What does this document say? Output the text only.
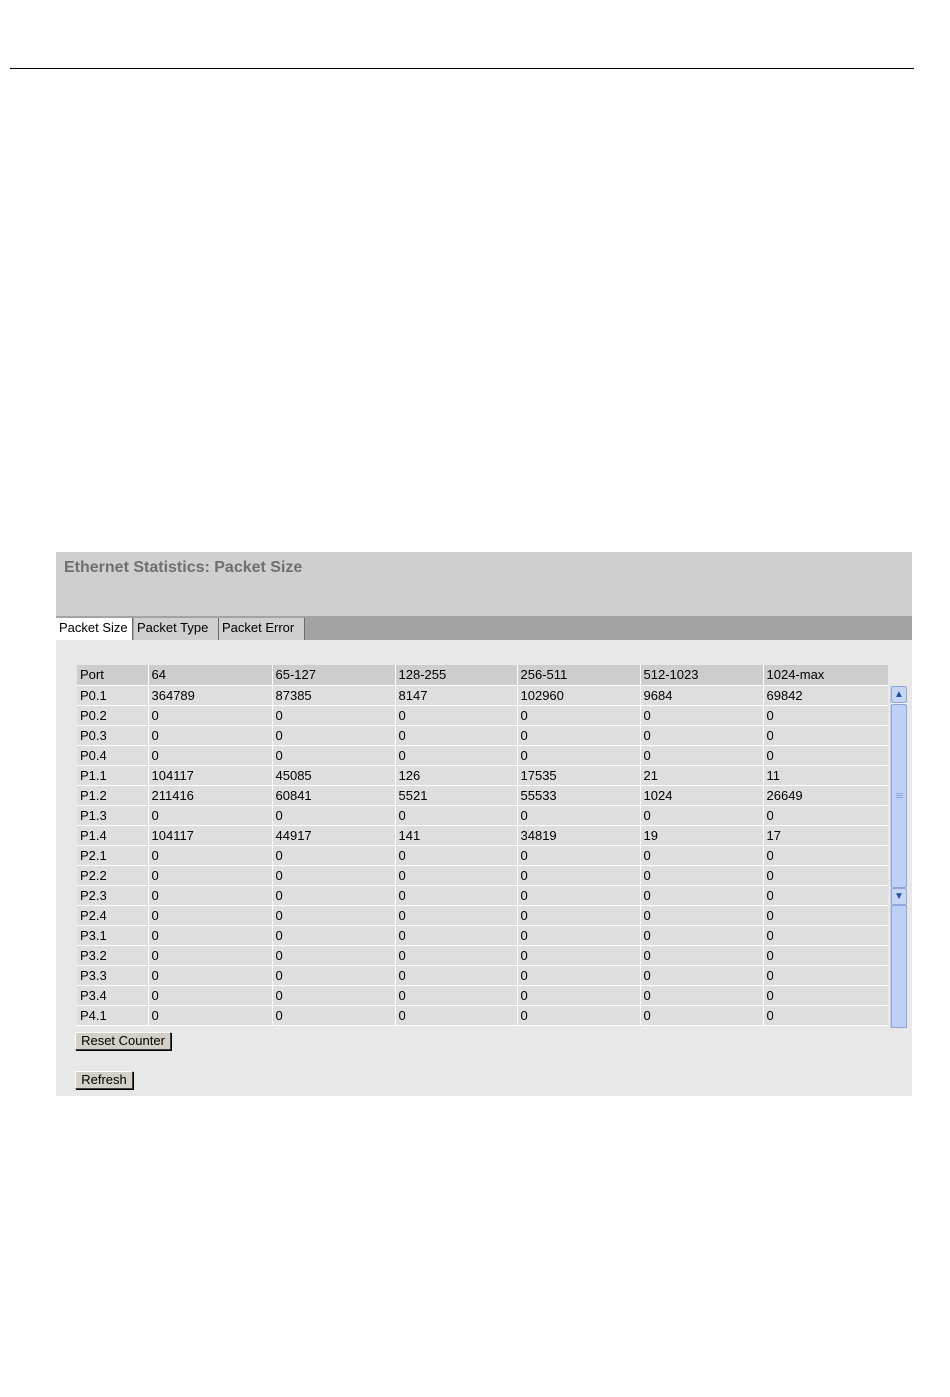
Ethernet Statistics: Packet Size
Packet Size Packet Type	Packet Error
Port	64	65-127	128-255	256-511	512-1023	1024-max
P0.1	364789	87385	8147	102960	9684	69842
P0.2	0	0	0	0	0	0
P0.3	0	0	0	0	0	0
P0.4	0	0	0	0	0	0
P1.1	104117	45085	126	17535	21	11
P1.2	211416	60841	5521	55533	1024	26649
P1.3	0	0	0	0	0	0
P1.4	104117	44917	141	34819	19	17
P2.1	0	0	0	0	0	0
P2.2	0	0	0	0	0	0
P2.3	0	0	0	0	0	0
P2.4	0	0	0	0	0	0
P3.1	0	0	0	0	0	0
P3.2	0	0	0	0	0	0
P3.3	0	0	0	0	0	0
P3.4	0	0	0	0	0	0
P4.1	0	0	0	0	0	0
▲
▼
Reset Counter
Refresh
